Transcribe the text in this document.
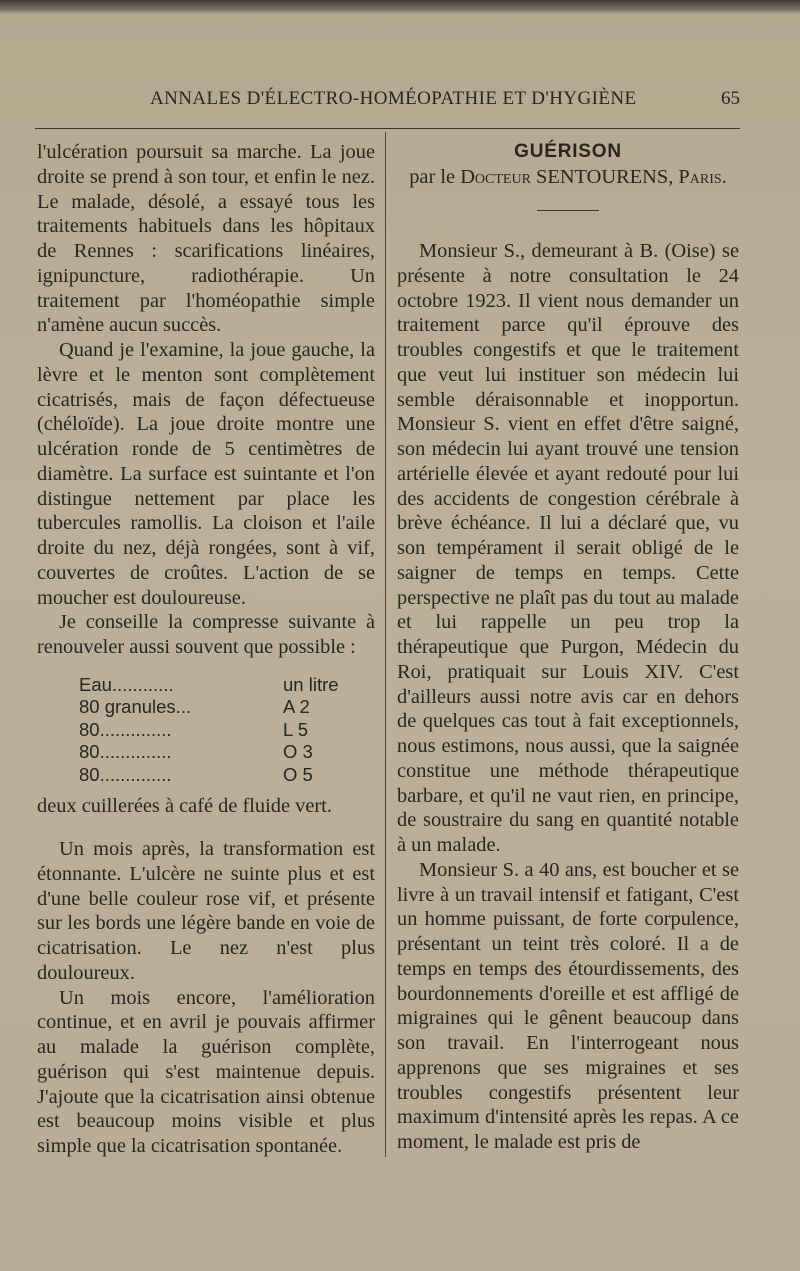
ANNALES D'ÉLECTRO-HOMÉOPATHIE ET D'HYGIÈNE	65

l'ulcération poursuit sa marche. La joue droite se prend à son tour, et enfin le nez. Le malade, désolé, a essayé tous les traitements habituels dans les hôpitaux de Rennes : scarifications linéaires, ignipuncture, radiothérapie. Un traitement par l'homéopathie simple n'amène aucun succès.

Quand je l'examine, la joue gauche, la lèvre et le menton sont complètement cicatrisés, mais de façon défectueuse (chéloïde). La joue droite montre une ulcération ronde de 5 centimètres de diamètre. La surface est suintante et l'on distingue nettement par place les tubercules ramollis. La cloison et l'aile droite du nez, déjà rongées, sont à vif, couvertes de croûtes. L'action de se moucher est douloureuse.

Je conseille la compresse suivante à renouveler aussi souvent que possible :

Eau............	un litre
80 granules...	A 2
80..............	L 5
80..............	O 3
80..............	O 5

deux cuillerées à café de fluide vert.

Un mois après, la transformation est étonnante. L'ulcère ne suinte plus et est d'une belle couleur rose vif, et présente sur les bords une légère bande en voie de cicatrisation. Le nez n'est plus douloureux.

Un mois encore, l'amélioration continue, et en avril je pouvais affirmer au malade la guérison complète, guérison qui s'est maintenue depuis. J'ajoute que la cicatrisation ainsi obtenue est beaucoup moins visible et plus simple que la cicatrisation spontanée.

GUÉRISON

par le Docteur SENTOURENS, Paris.

Monsieur S., demeurant à B. (Oise) se présente à notre consultation le 24 octobre 1923. Il vient nous demander un traitement parce qu'il éprouve des troubles congestifs et que le traitement que veut lui instituer son médecin lui semble déraisonnable et inopportun. Monsieur S. vient en effet d'être saigné, son médecin lui ayant trouvé une tension artérielle élevée et ayant redouté pour lui des accidents de congestion cérébrale à brève échéance. Il lui a déclaré que, vu son tempérament il serait obligé de le saigner de temps en temps. Cette perspective ne plaît pas du tout au malade et lui rappelle un peu trop la thérapeutique que Purgon, Médecin du Roi, pratiquait sur Louis XIV. C'est d'ailleurs aussi notre avis car en dehors de quelques cas tout à fait exceptionnels, nous estimons, nous aussi, que la saignée constitue une méthode thérapeutique barbare, et qu'il ne vaut rien, en principe, de soustraire du sang en quantité notable à un malade.

Monsieur S. a 40 ans, est boucher et se livre à un travail intensif et fatigant, C'est un homme puissant, de forte corpulence, présentant un teint très coloré. Il a de temps en temps des étourdissements, des bourdonnements d'oreille et est affligé de migraines qui le gênent beaucoup dans son travail. En l'interrogeant nous apprenons que ses migraines et ses troubles congestifs présentent leur maximum d'intensité après les repas. A ce moment, le malade est pris de
